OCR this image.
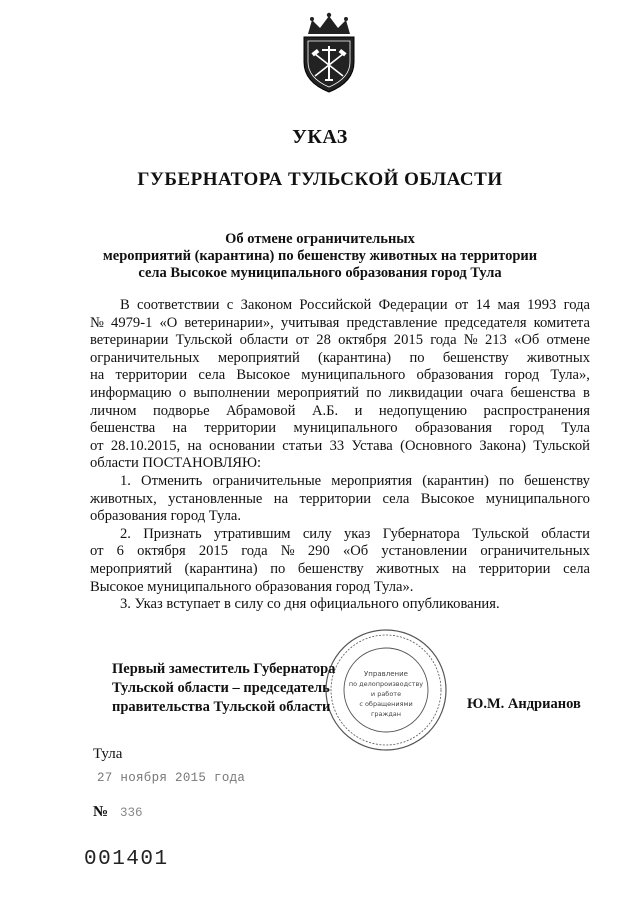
УКАЗ
ГУБЕРНАТОРА ТУЛЬСКОЙ ОБЛАСТИ
Об отмене ограничительных
мероприятий (карантина) по бешенству животных на территории
села Высокое муниципального образования город Тула
В соответствии с Законом Российской Федерации от 14 мая 1993 года
№ 4979-1 «О ветеринарии», учитывая представление председателя комитета
ветеринарии Тульской области от 28 октября 2015 года № 213 «Об отмене
ограничительных мероприятий (карантина) по бешенству животных
на территории села Высокое муниципального образования город Тула»,
информацию о выполнении мероприятий по ликвидации очага бешенства в
личном подворье Абрамовой А.Б. и недопущению распространения
бешенства на территории муниципального образования город Тула
от 28.10.2015, на основании статьи 33 Устава (Основного Закона) Тульской
области ПОСТАНОВЛЯЮ:
1. Отменить ограничительные мероприятия (карантин) по бешенству
животных, установленные на территории села Высокое муниципального
образования город Тула.
2. Признать утратившим силу указ Губернатора Тульской области
от 6 октября 2015 года № 290 «Об установлении ограничительных
мероприятий (карантина) по бешенству животных на территории села
Высокое муниципального образования город Тула».
3. Указ вступает в силу со дня официального опубликования.
Управление
по делопроизводству
и работе
с обращениями
граждан
Первый заместитель Губернатора
Тульской области – председатель
правительства Тульской области	Ю.М. Андрианов
Тула
27 ноября 2015 года
№ 336
001401
